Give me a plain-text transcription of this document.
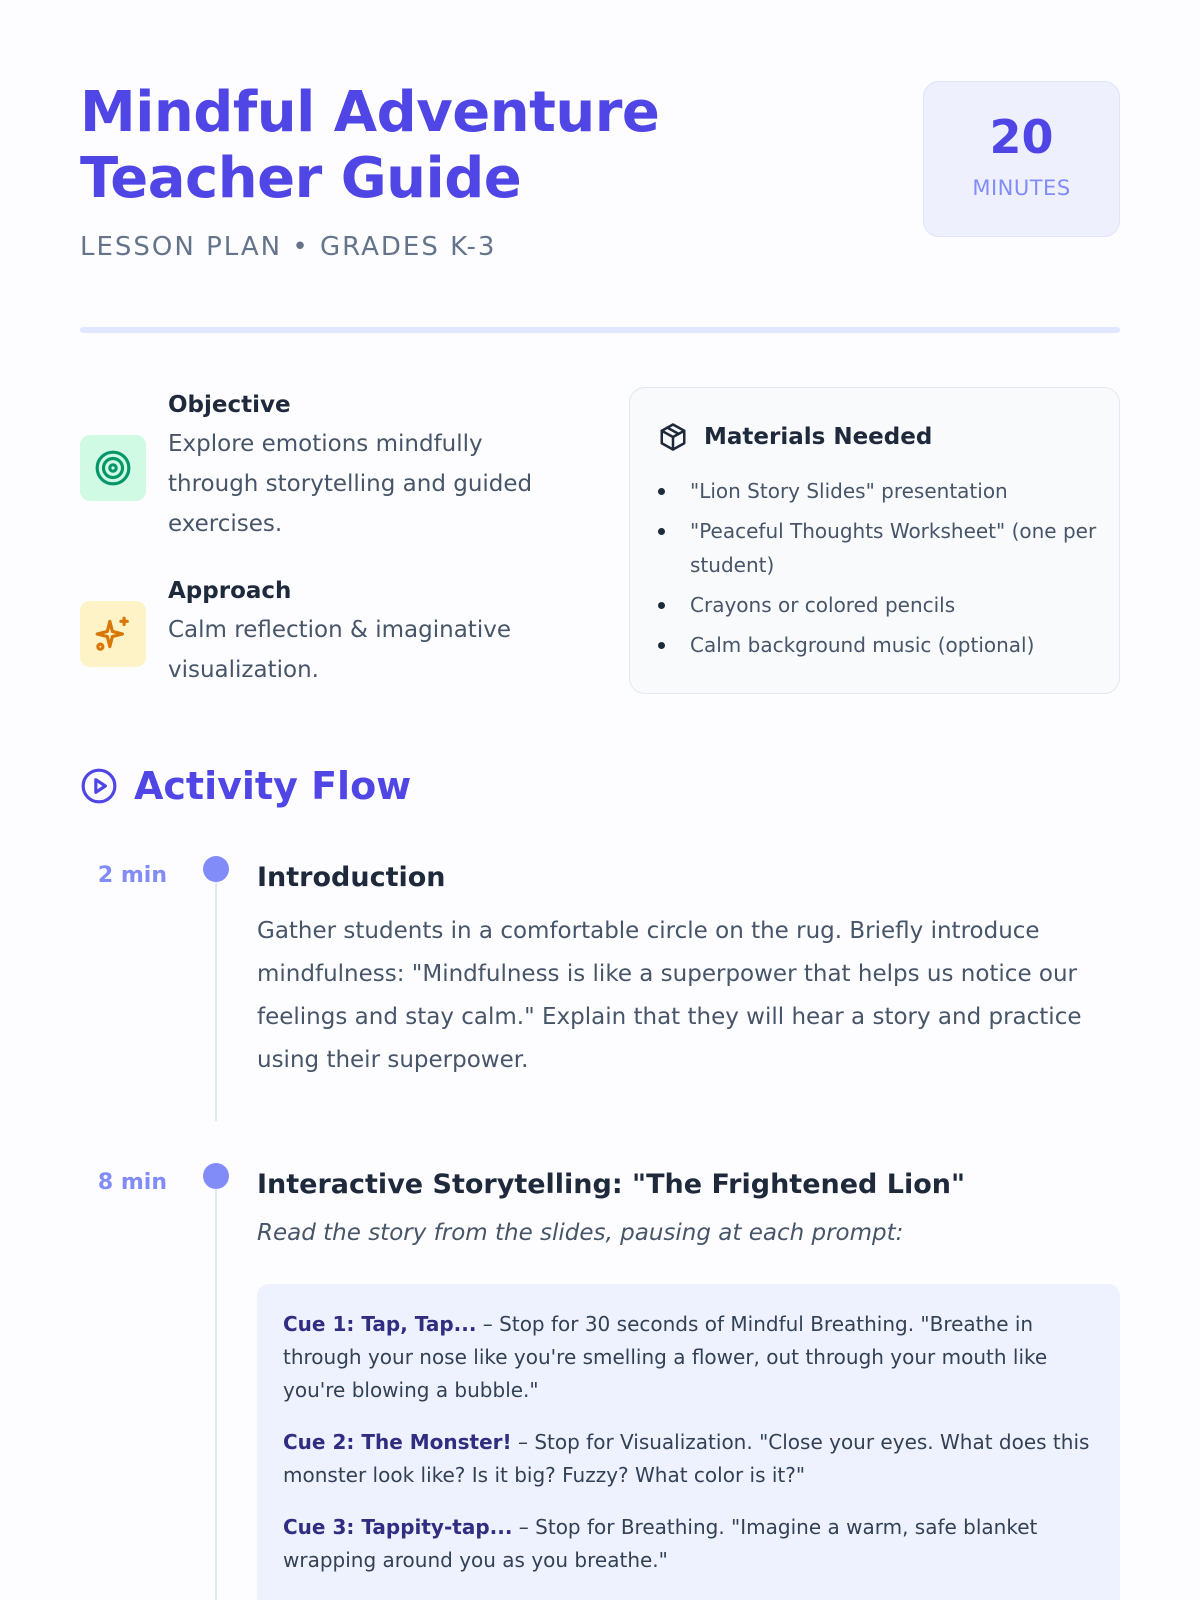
Mindful Adventure Teacher Guide
LESSON PLAN • GRADES K-3
20
MINUTES
Objective
Explore emotions mindfully through storytelling and guided exercises.
Approach
Calm reflection & imaginative visualization.
Materials Needed
"Lion Story Slides" presentation
"Peaceful Thoughts Worksheet" (one per student)
Crayons or colored pencils
Calm background music (optional)
Activity Flow
2 min
8 min
Introduction
Gather students in a comfortable circle on the rug. Briefly introduce mindfulness: "Mindfulness is like a superpower that helps us notice our feelings and stay calm." Explain that they will hear a story and practice using their superpower.
Interactive Storytelling: "The Frightened Lion"
Read the story from the slides, pausing at each prompt:

Cue 1: Tap, Tap... – Stop for 30 seconds of Mindful Breathing. "Breathe in through your nose like you're smelling a flower, out through your mouth like you're blowing a bubble."

Cue 2: The Monster! – Stop for Visualization. "Close your eyes. What does this monster look like? Is it big? Fuzzy? What color is it?"

Cue 3: Tappity-tap... – Stop for Breathing. "Imagine a warm, safe blanket wrapping around you as you breathe."
